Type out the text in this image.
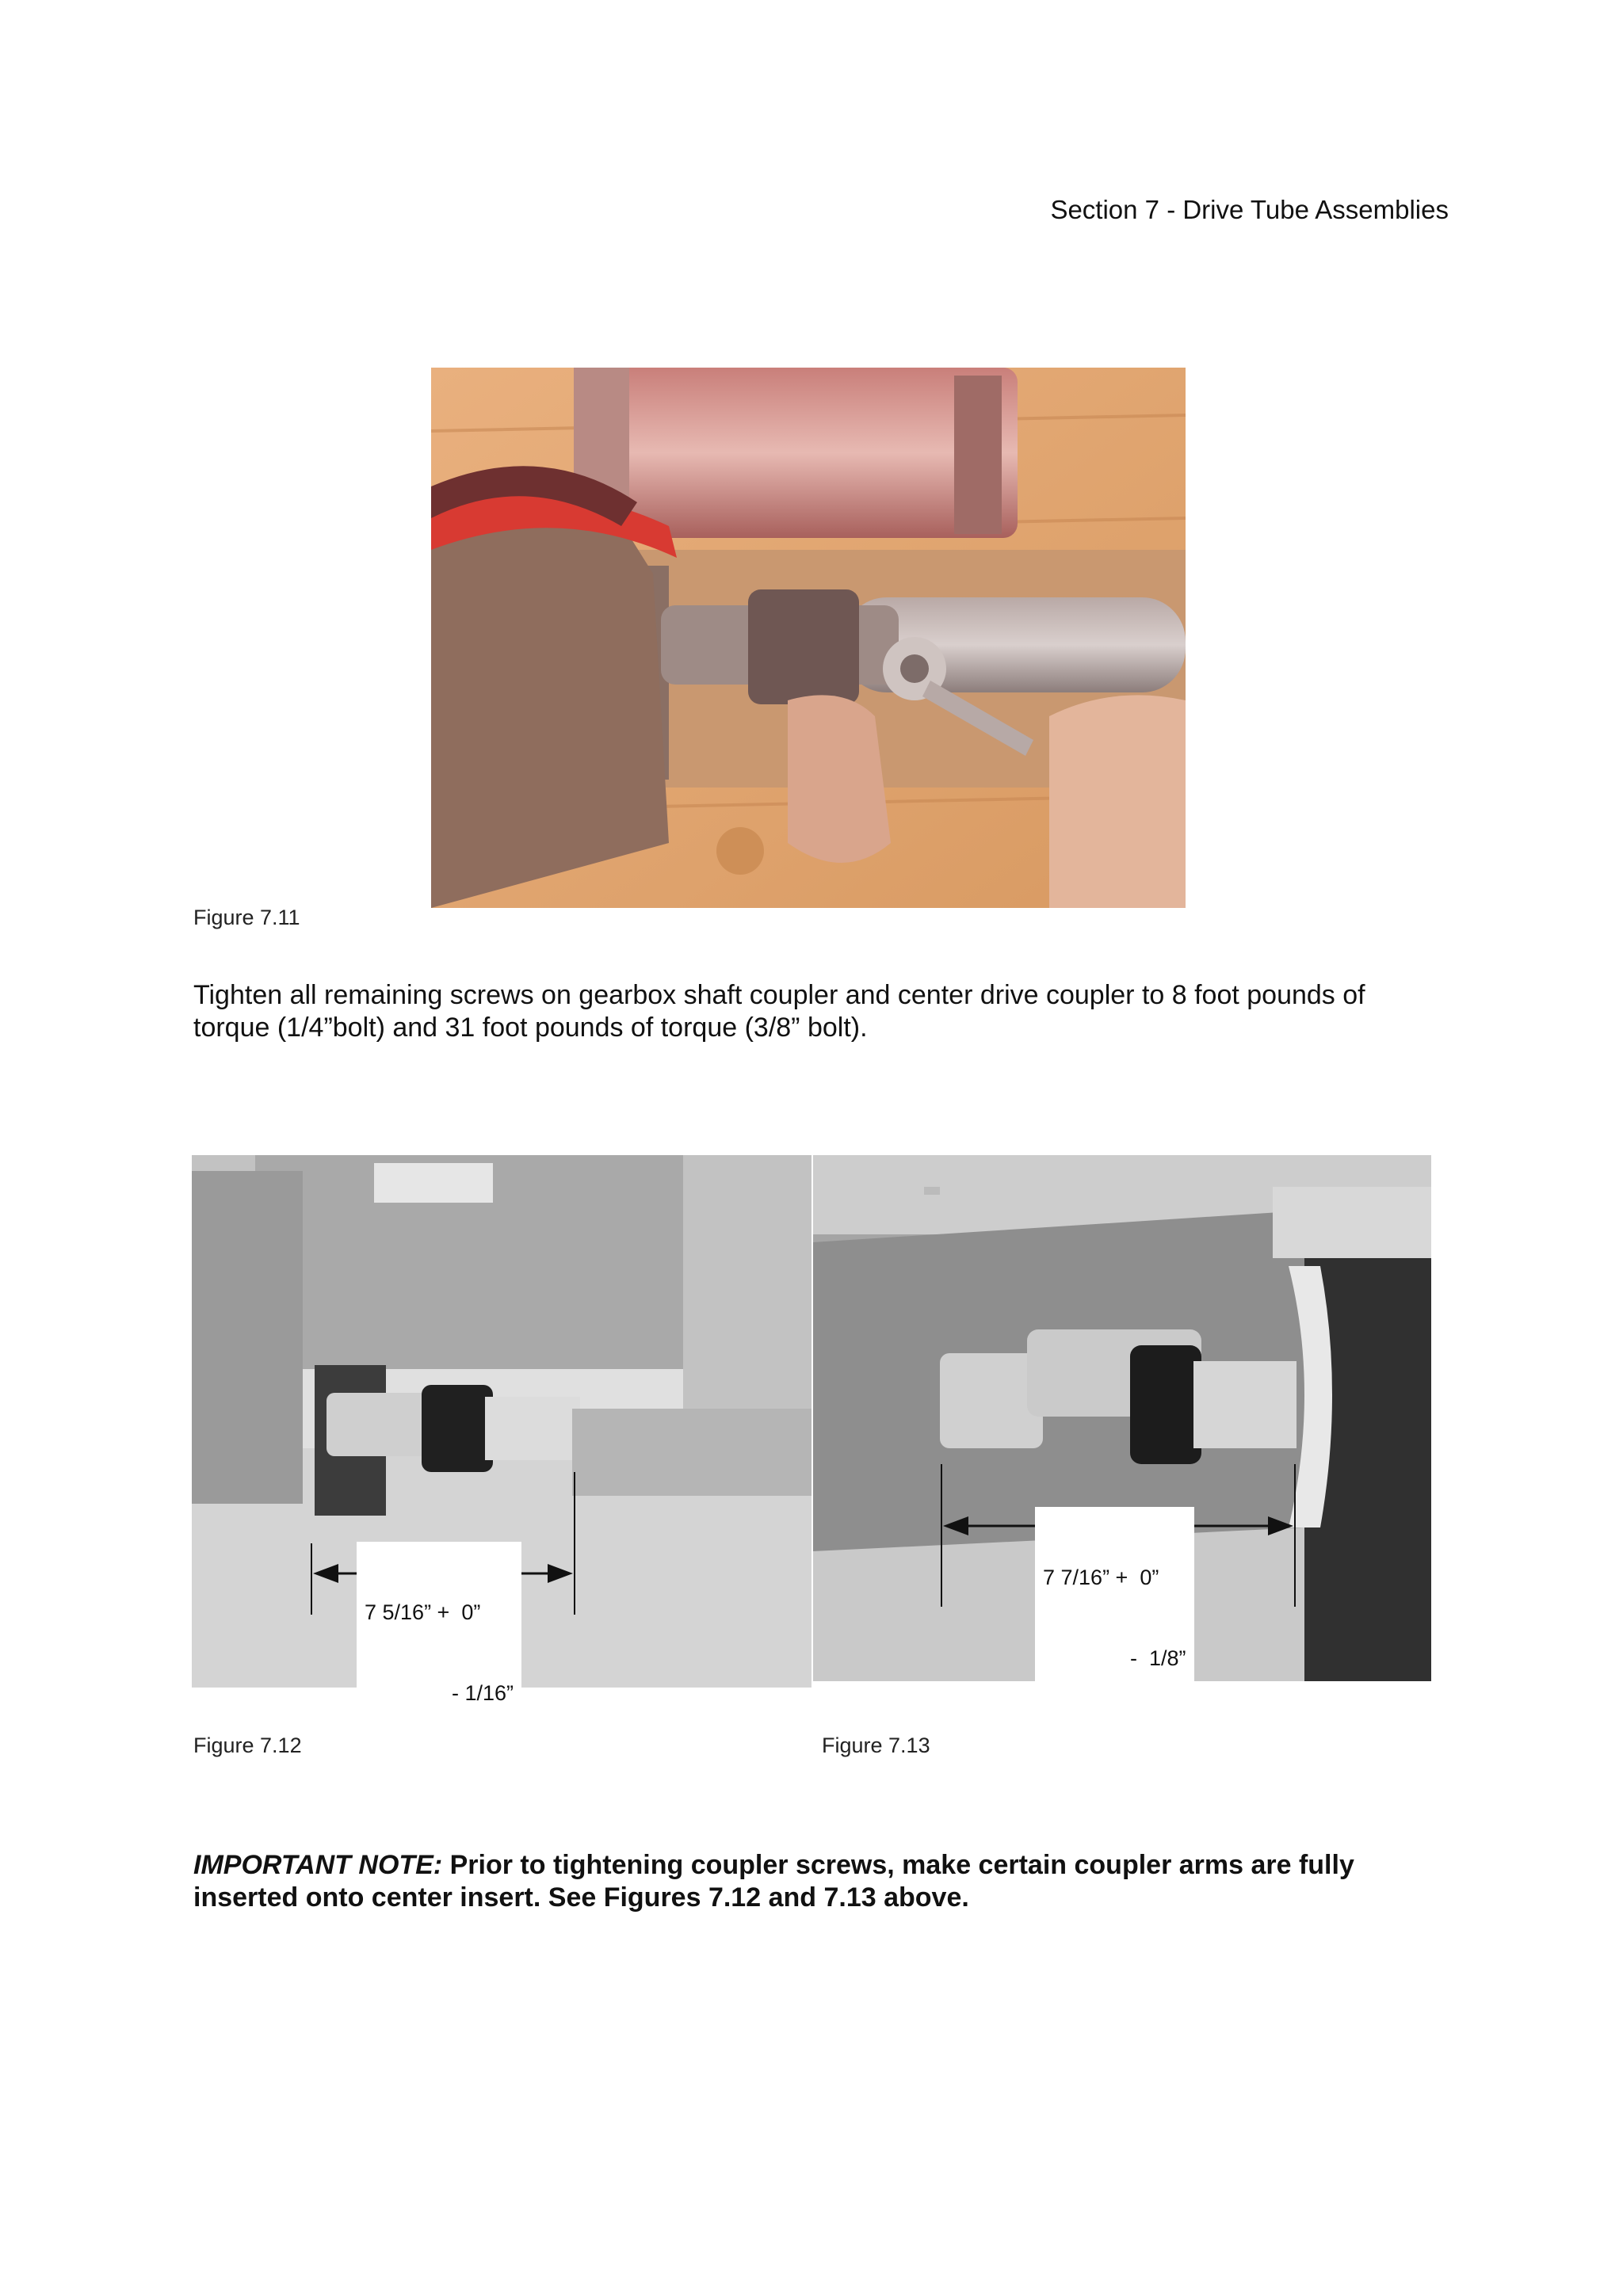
Section 7 - Drive Tube Assemblies
Figure 7.11
Tighten all remaining screws on gearbox shaft coupler and center drive coupler to 8 foot pounds of torque (1/4”bolt) and 31 foot pounds of torque (3/8” bolt).

7 5/16” +  0”

- 1/16”

Figure 7.12

7 7/16” +  0”

-  1/8”

Figure 7.13
IMPORTANT NOTE: Prior to tightening coupler screws, make certain coupler arms are fully inserted onto center insert. See Figures 7.12 and 7.13 above.
